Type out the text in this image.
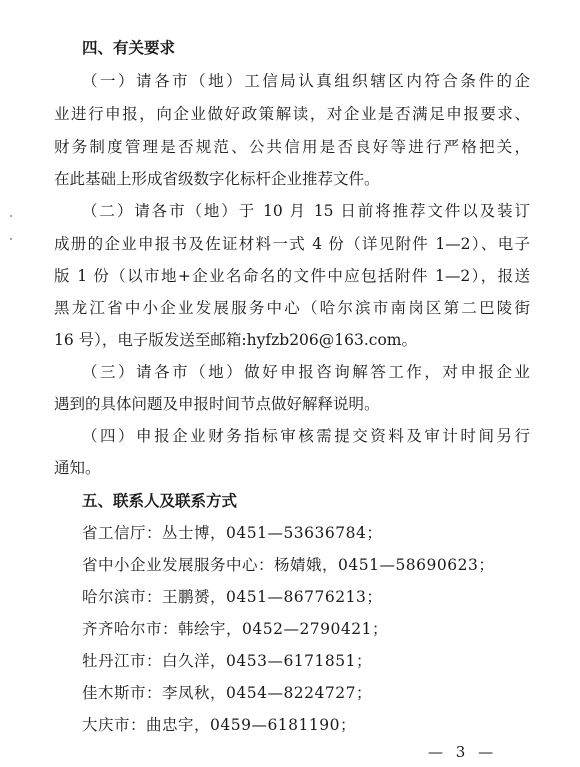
四、有关要求
（一）请各市（地）工信局认真组织辖区内符合条件的企
业进行申报，向企业做好政策解读，对企业是否满足申报要求、
财务制度管理是否规范、公共信用是否良好等进行严格把关，
在此基础上形成省级数字化标杆企业推荐文件。
（二）请各市（地）于 10 月 15 日前将推荐文件以及装订
成册的企业申报书及佐证材料一式 4 份（详见附件 1—2）、电子
版 1 份（以市地+企业名命名的文件中应包括附件 1—2），报送
黑龙江省中小企业发展服务中心（哈尔滨市南岗区第二巴陵街
16 号），电子版发送至邮箱:hyfzb206@163.com。
（三）请各市（地）做好申报咨询解答工作，对申报企业
遇到的具体问题及申报时间节点做好解释说明。
（四）申报企业财务指标审核需提交资料及审计时间另行
通知。
五、联系人及联系方式
省工信厅：丛士博，0451—53636784；
省中小企业发展服务中心：杨婧娥，0451—58690623；
哈尔滨市：王鹏赟，0451—86776213；
齐齐哈尔市：韩绘宇，0452—2790421；
牡丹江市：白久洋，0453—6171851；
佳木斯市：李凤秋，0454—8224727；
大庆市：曲忠宇，0459—6181190；
— 3 —
